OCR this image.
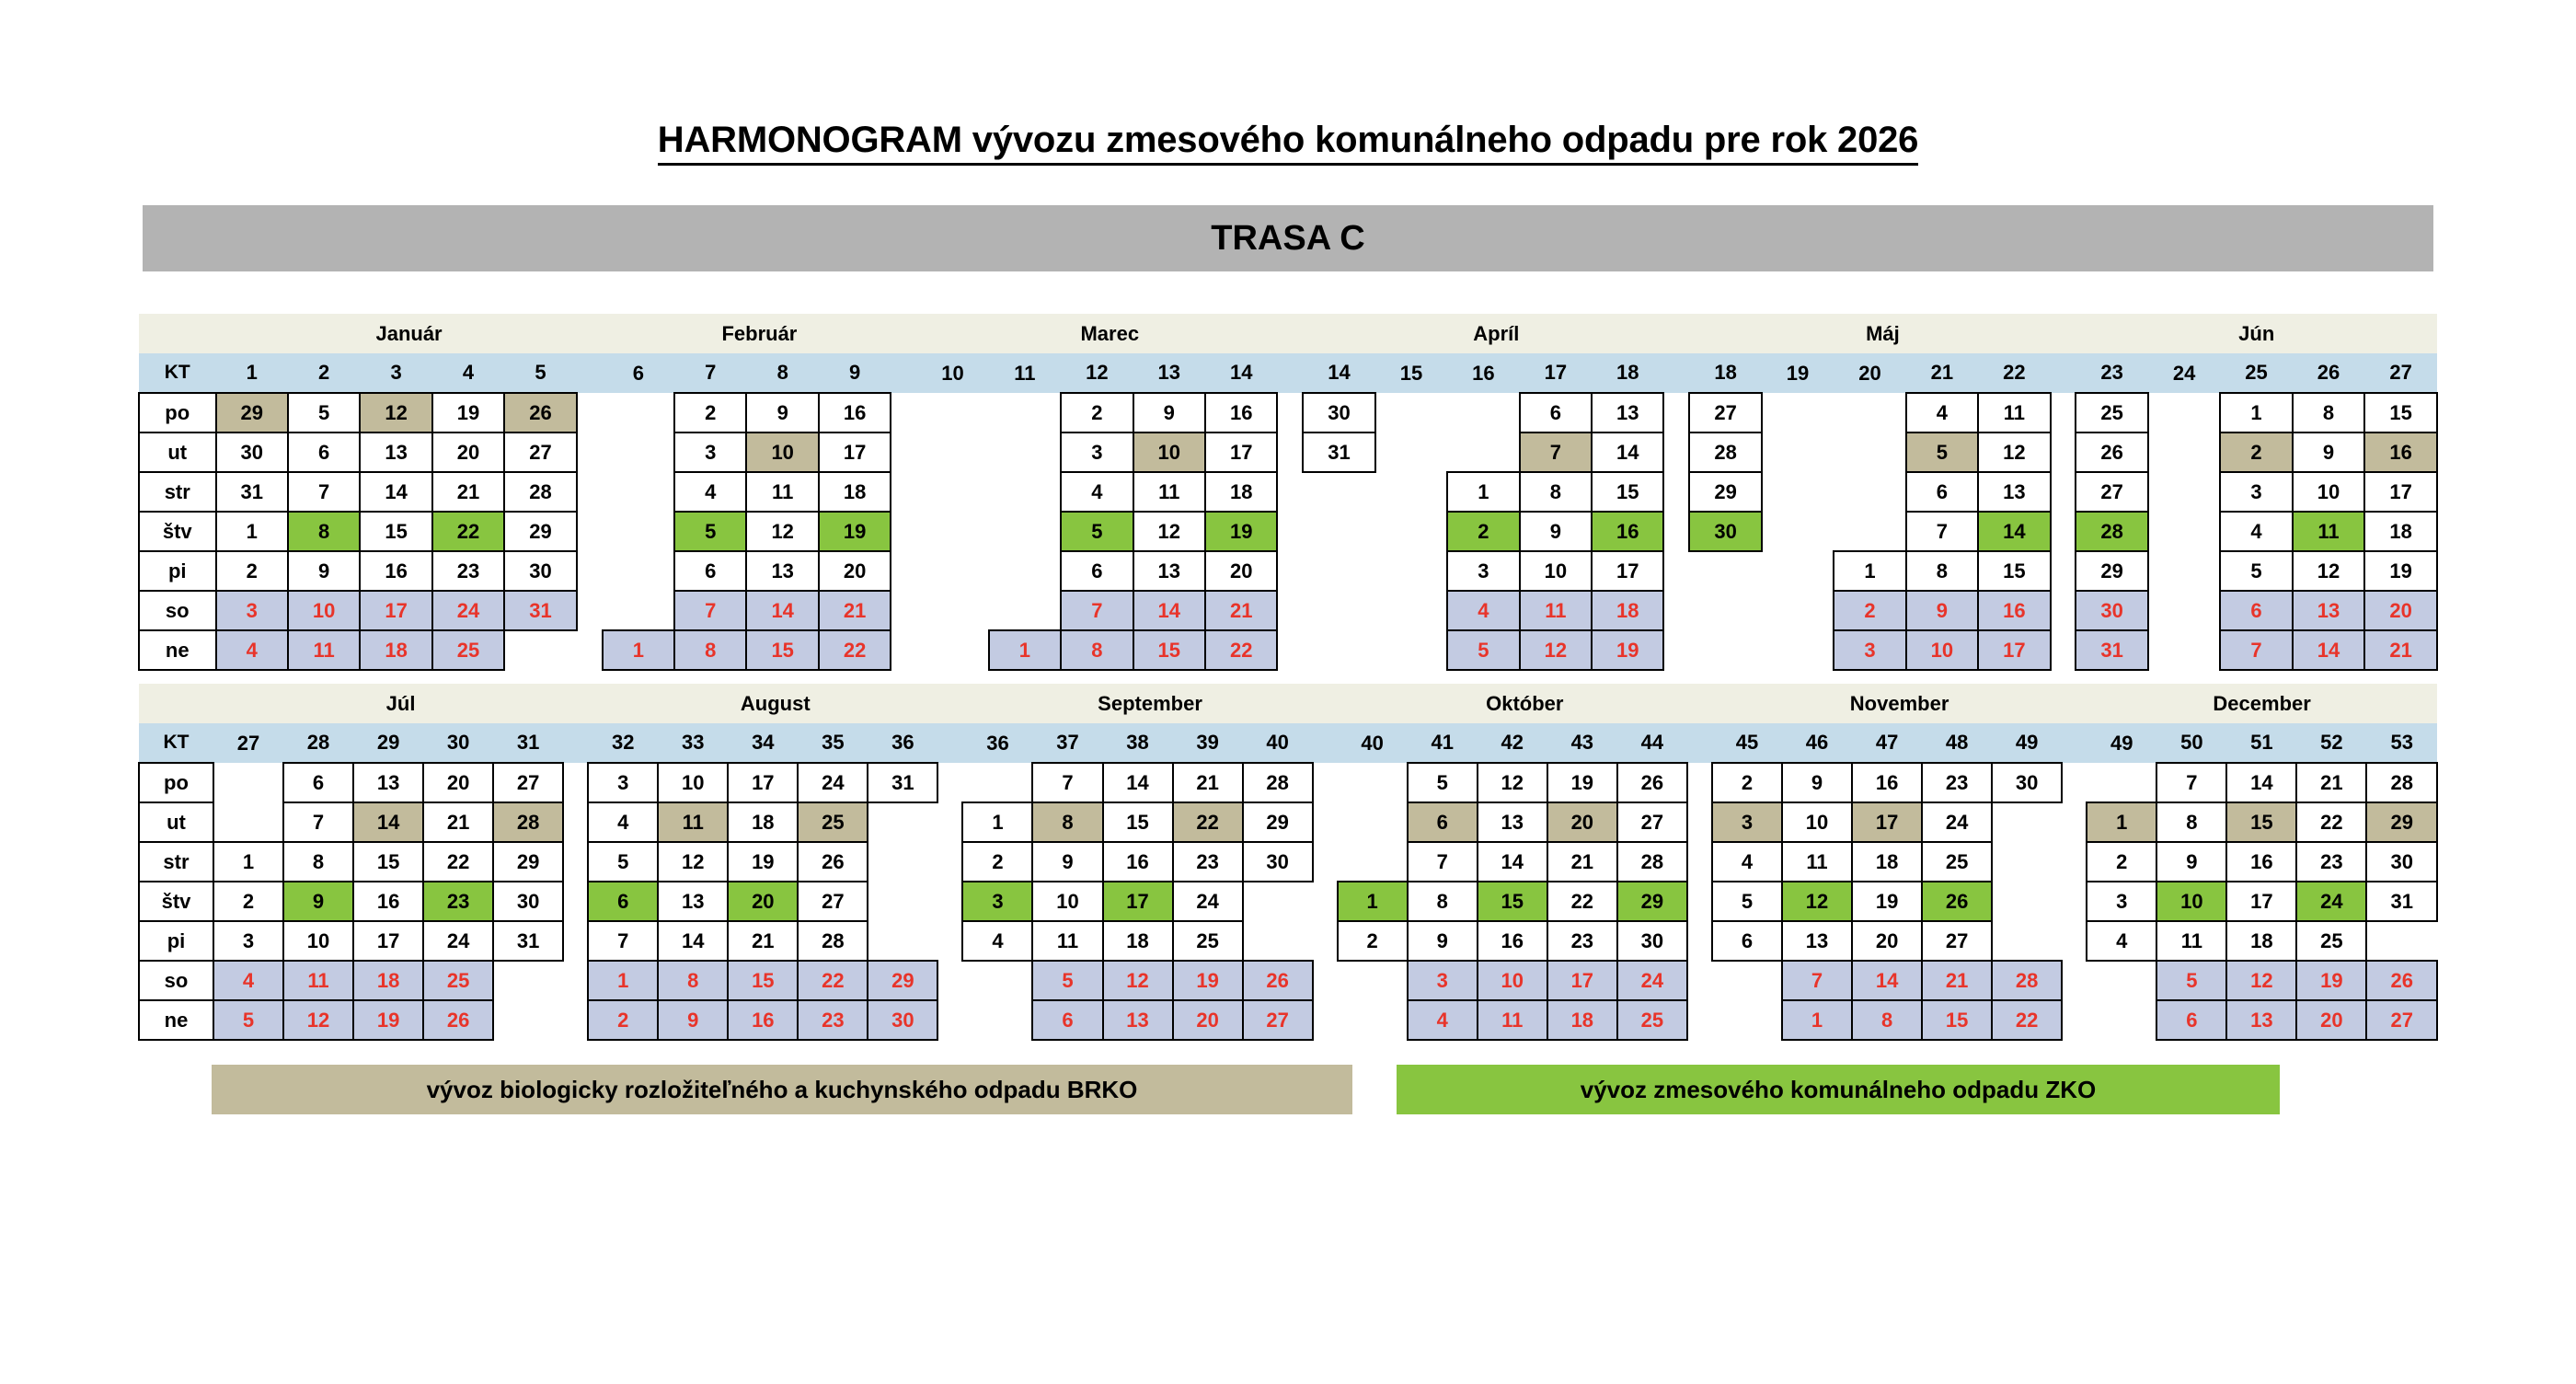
HARMONOGRAM vývozu zmesového komunálneho odpadu pre rok 2026
TRASA C
	Január						Február					Marec						Apríl						Máj						Jún				
KT	1	2	3	4	5		6	7	8	9		10	11	12	13	14		14	15	16	17	18		18	19	20	21	22		23	24	25	26	27
po	29	5	12	19	26			2	9	16				2	9	16		30			6	13		27			4	11		25		1	8	15
ut	30	6	13	20	27			3	10	17				3	10	17		31			7	14		28			5	12		26		2	9	16
str	31	7	14	21	28			4	11	18				4	11	18				1	8	15		29			6	13		27		3	10	17
štv	1	8	15	22	29			5	12	19				5	12	19				2	9	16		30			7	14		28		4	11	18
pi	2	9	16	23	30			6	13	20				6	13	20				3	10	17				1	8	15		29		5	12	19
so	3	10	17	24	31			7	14	21				7	14	21				4	11	18				2	9	16		30		6	13	20
ne	4	11	18	25			1	8	15	22			1	8	15	22				5	12	19				3	10	17		31		7	14	21
	Júl						August						September						Október						November						December				
KT	27	28	29	30	31		32	33	34	35	36		36	37	38	39	40		40	41	42	43	44		45	46	47	48	49		49	50	51	52	53
po		6	13	20	27		3	10	17	24	31			7	14	21	28			5	12	19	26		2	9	16	23	30			7	14	21	28
ut		7	14	21	28		4	11	18	25			1	8	15	22	29			6	13	20	27		3	10	17	24			1	8	15	22	29
str	1	8	15	22	29		5	12	19	26			2	9	16	23	30			7	14	21	28		4	11	18	25			2	9	16	23	30
štv	2	9	16	23	30		6	13	20	27			3	10	17	24			1	8	15	22	29		5	12	19	26			3	10	17	24	31
pi	3	10	17	24	31		7	14	21	28			4	11	18	25			2	9	16	23	30		6	13	20	27			4	11	18	25	
so	4	11	18	25			1	8	15	22	29			5	12	19	26			3	10	17	24			7	14	21	28			5	12	19	26
ne	5	12	19	26			2	9	16	23	30			6	13	20	27			4	11	18	25			1	8	15	22			6	13	20	27
vývoz biologicky rozložiteľného a kuchynského odpadu BRKO	vývoz zmesového komunálneho odpadu ZKO
